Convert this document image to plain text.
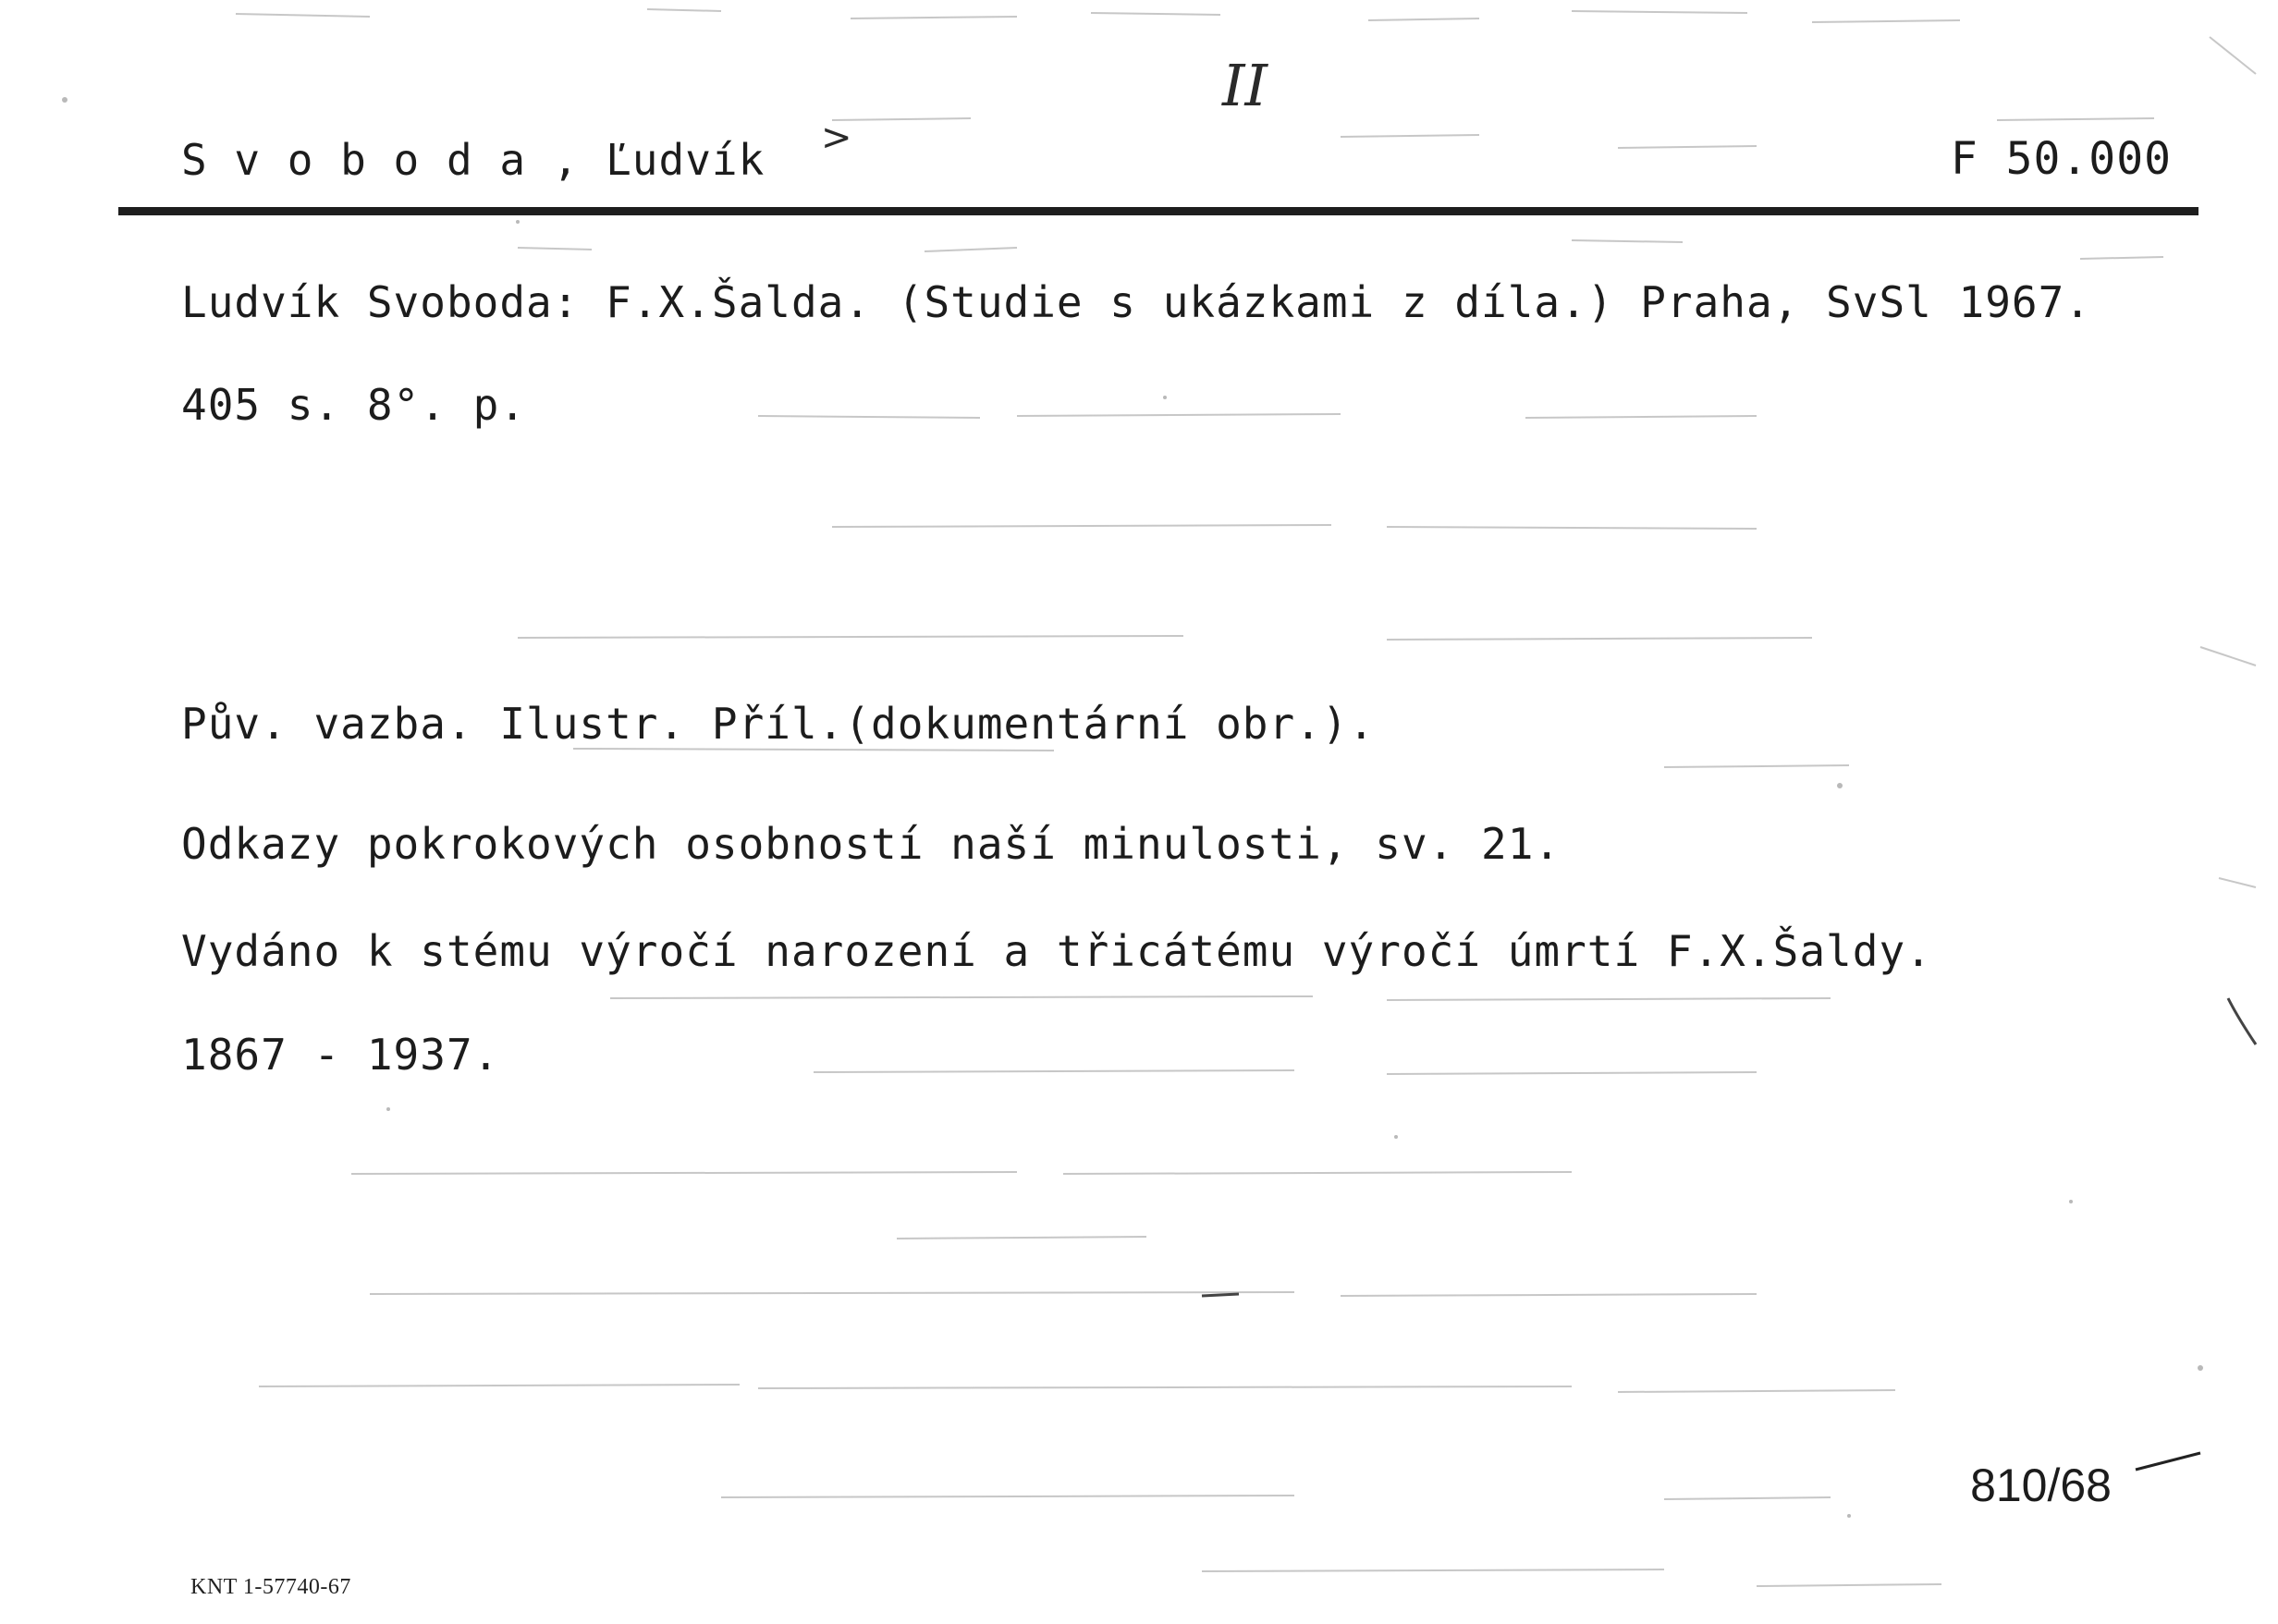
S v o b o d a , Ľudvík >
II
F 50.000
Ludvík Svoboda: F.X.Šalda. (Studie s ukázkami z díla.) Praha, SvSl 1967.
405 s. 8°. p.
Pův. vazba. Ilustr. Příl.(dokumentární obr.).
Odkazy pokrokových osobností naší minulosti, sv. 21.
Vydáno k stému výročí narození a třicátému výročí úmrtí F.X.Šaldy.
1867 - 1937.
810/68
KNT 1-57740-67
